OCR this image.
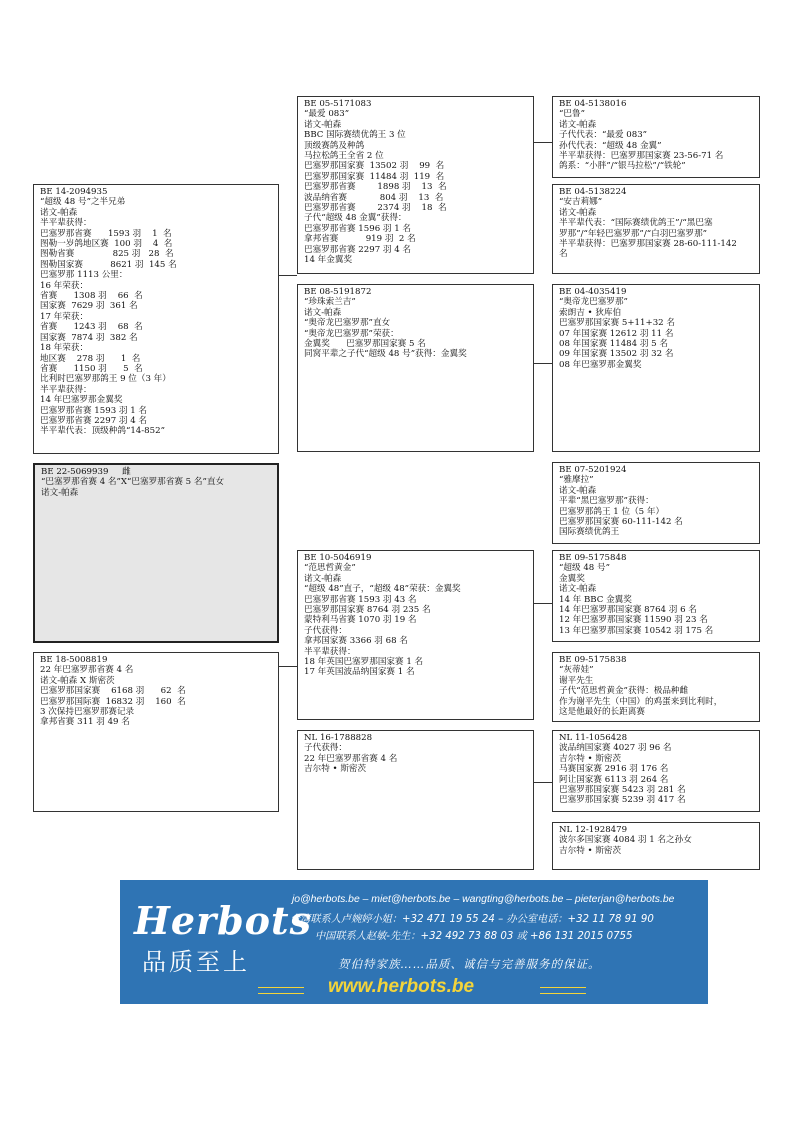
BE 14-2094935
“超级 48 号”之半兄弟
诺文-帕森
半平辈获得：
巴塞罗那省赛      1593 羽    1  名
图勒一岁鸽地区赛  100 羽    4  名
图勒省赛              825 羽   28  名
图勒国家赛          8621 羽  145 名
巴塞罗那 1113 公里：
16 年荣获：
省赛      1308 羽    66  名
国家赛  7629 羽  361 名
17 年荣获：
省赛      1243 羽    68  名
国家赛  7874 羽  382 名
18 年荣获：
地区赛    278 羽      1  名
省赛      1150 羽      5  名
比利时巴塞罗那鸽王 9 位（3 年）
半平辈获得：
14 年巴塞罗那金翼奖
巴塞罗那省赛 1593 羽 1 名
巴塞罗那省赛 2297 羽 4 名
半平辈代表：顶级种鸽“14-852”
BE 05-5171083
“最爱 083”
诺文-帕森
BBC 国际赛绩优鸽王 3 位
顶级赛鸽及种鸽
马拉松鸽王全省 2 位
巴塞罗那国家赛  13502 羽    99  名
巴塞罗那国家赛  11484 羽  119  名
巴塞罗那省赛        1898 羽    13  名
波品纳省赛            804 羽    13  名
巴塞罗那省赛        2374 羽    18  名
子代“超级 48 金翼”获得：
巴塞罗那省赛 1596 羽 1 名
拿邦省赛          919 羽  2 名
巴塞罗那省赛 2297 羽 4 名
14 年金翼奖
BE 04-5138016
“巴鲁”
诺文-帕森
子代代表：“最爱 083”
孙代代表：“超级 48 金翼”
半平辈获得：巴塞罗那国家赛 23-56-71 名
鸽系：“小胖”/“银马拉松”/“铁轮”
BE 04-5138224
“安吉莉娜”
诺文-帕森
半平辈代表：“国际赛绩优鸽王”/“黑巴塞
罗那”/“年轻巴塞罗那”/“白羽巴塞罗那”
半平辈获得：巴塞罗那国家赛 28-60-111-142
名
BE 08-5191872
“珍珠索兰吉”
诺文-帕森
“奥帝龙巴塞罗那”直女
“奥帝龙巴塞罗那”荣获：
金翼奖      巴塞罗那国家赛 5 名
同窝平辈之子代“超级 48 号”获得：金翼奖
BE 04-4035419
“奥帝龙巴塞罗那”
索朗吉 • 狄库伯
巴塞罗那国家赛 5+11+32 名
07 年国家赛 12612 羽 11 名
08 年国家赛 11484 羽 5 名
09 年国家赛 13502 羽 32 名
08 年巴塞罗那金翼奖
BE 07-5201924
“雅摩拉”
诺文-帕森
平辈“黑巴塞罗那”获得：
巴塞罗那鸽王 1 位（5 年）
巴塞罗那国家赛 60-111-142 名
国际赛绩优鸽王
BE 22-5069939     雌
“巴塞罗那省赛 4 名”X“巴塞罗那省赛 5 名”直女
诺文-帕森
BE 10-5046919
“范思哲黄金”
诺文-帕森
“超级 48”直子，“超级 48”荣获：金翼奖
巴塞罗那省赛 1593 羽 43 名
巴塞罗那国家赛 8764 羽 235 名
蒙特利马省赛 1070 羽 19 名
子代获得：
拿邦国家赛 3366 羽 68 名
半平辈获得：
18 年英国巴塞罗那国家赛 1 名
17 年英国波品纳国家赛 1 名
BE 09-5175848
“超级 48 号”
金翼奖
诺文-帕森
14 年 BBC 金翼奖
14 年巴塞罗那国家赛 8764 羽 6 名
12 年巴塞罗那国家赛 11590 羽 23 名
13 年巴塞罗那国家赛 10542 羽 175 名
BE 09-5175838
“灰蒂娃”
谢平先生
子代“范思哲黄金”获得：极品种雌
作为谢平先生（中国）的鸡蛋来到比利时，
这是他最好的长距离赛
BE 18-5008819
22 年巴塞罗那省赛 4 名
诺文-帕森 X 斯密茨
巴塞罗那国家赛    6168 羽      62  名
巴塞罗那国际赛  16832 羽    160  名
3 次保持巴塞罗那赛记录
拿邦省赛 311 羽 49 名
NL 16-1788828
子代获得：
22 年巴塞罗那省赛 4 名
吉尔特 • 斯密茨
NL 11-1056428
波品纳国家赛 4027 羽 96 名
吉尔特 • 斯密茨
马赛国家赛 2916 羽 176 名
阿让国家赛 6113 羽 264 名
巴塞罗那国家赛 5423 羽 281 名
巴塞罗那国家赛 5239 羽 417 名
NL 12-1928479
波尔多国家赛 4084 羽 1 名之孙女
吉尔特 • 斯密茨
Herbots
品质至上
jo@herbots.be – miet@herbots.be – wangting@herbots.be – pieterjan@herbots.be
台湾联系人卢婉婷小姐：+32 471 19 55 24 – 办公室电话：+32 11 78 91 90
中国联系人赵敏-先生：+32 492 73 88 03 或 +86 131 2015 0755
贺伯特家族……品质、诚信与完善服务的保证。
www.herbots.be
